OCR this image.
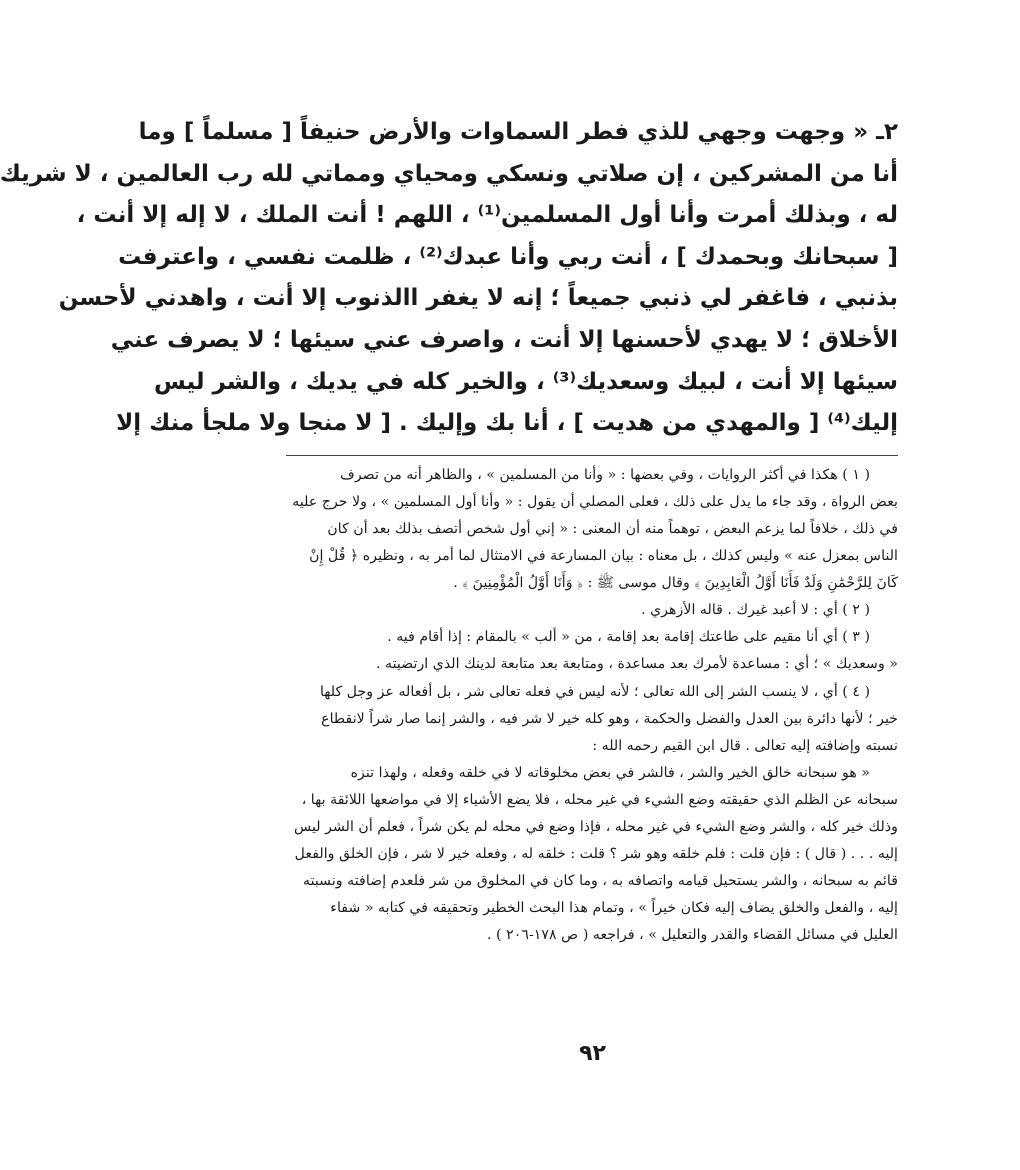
٢ـ « وجهت وجهي للذي فطر السماوات والأرض حنيفاً [ مسلماً ] وما
أنا من المشركين ، إن صلاتي ونسكي ومحياي ومماتي لله رب العالمين ، لا شريك
له ، وبذلك أمرت وأنا أول المسلمين⁽¹⁾ ، اللهم ! أنت الملك ، لا إله إلا أنت ،
[ سبحانك وبحمدك ] ، أنت ربي وأنا عبدك⁽²⁾ ، ظلمت نفسي ، واعترفت
بذنبي ، فاغفر لي ذنبي جميعاً ؛ إنه لا يغفر االذنوب إلا أنت ، واهدني لأحسن
الأخلاق ؛ لا يهدي لأحسنها إلا أنت ، واصرف عني سيئها ؛ لا يصرف عني
سيئها إلا أنت ، لبيك وسعديك⁽³⁾ ، والخير كله في يديك ، والشر ليس
إليك⁽⁴⁾ [ والمهدي من هديت ] ، أنا بك وإليك . [ لا منجا ولا ملجأ منك إلا
( ١ ) هكذا في أكثر الروايات ، وفي بعضها : « وأنا من المسلمين » ، والظاهر أنه من تصرف
بعض الرواة ، وقد جاء ما يدل على ذلك ، فعلى المصلي أن يقول : « وأنا أول المسلمين » ، ولا حرج عليه
في ذلك ، خلافاً لما يزعم البعض ، توهماً منه أن المعنى : « إني أول شخص أتصف بذلك بعد أن كان
الناس بمعزل عنه » وليس كذلك ، بل معناه : بيان المسارعة في الامتثال لما أمر به ، ونظيره ﴿ قُلْ إِنْ
كَانَ لِلرَّحْمَٰنِ وَلَدٌ فَأَنَا أَوَّلُ الْعَابِدِينَ ﴾ وقال موسى ﷺ : ﴿ وَأَنَا أَوَّلُ الْمُؤْمِنِينَ ﴾ .
( ٢ ) أي : لا أعبد غيرك . قاله الأزهري .
( ٣ ) أي أنا مقيم على طاعتك إقامة بعد إقامة ، من « ألب » بالمقام : إذا أقام فيه .
« وسعديك » ؛ أي : مساعدة لأمرك بعد مساعدة ، ومتابعة بعد متابعة لدينك الذي ارتضيته .
( ٤ ) أي ، لا ينسب الشر إلى الله تعالى ؛ لأنه ليس في فعله تعالى شر ، بل أفعاله عز وجل كلها
خير ؛ لأنها دائرة بين العدل والفضل والحكمة ، وهو كله خير لا شر فيه ، والشر إنما صار شراً لانقطاع
نسبته وإضافته إليه تعالى . قال ابن القيم رحمه الله :
« هو سبحانه خالق الخير والشر ، فالشر في بعض مخلوقاته لا في خلقه وفعله ، ولهذا تنزه
سبحانه عن الظلم الذي حقيقته وضع الشيء في غير محله ، فلا يضع الأشياء إلا في مواضعها اللائقة بها ،
وذلك خير كله ، والشر وضع الشيء في غير محله ، فإذا وضع في محله لم يكن شراً ، فعلم أن الشر ليس
إليه . . . ( قال ) : فإن قلت : فلم خلقه وهو شر ؟ قلت : خلقه له ، وفعله خير لا شر ، فإن الخلق والفعل
قائم به سبحانه ، والشر يستحيل قيامه واتصافه به ، وما كان في المخلوق من شر فلعدم إضافته ونسبته
إليه ، والفعل والخلق يضاف إليه فكان خيراً » ، وتمام هذا البحث الخطير وتحقيقه في كتابه « شفاء
العليل في مسائل القضاء والقدر والتعليل » ، فراجعه ( ص ١٧٨-٢٠٦ ) .
٩٢
